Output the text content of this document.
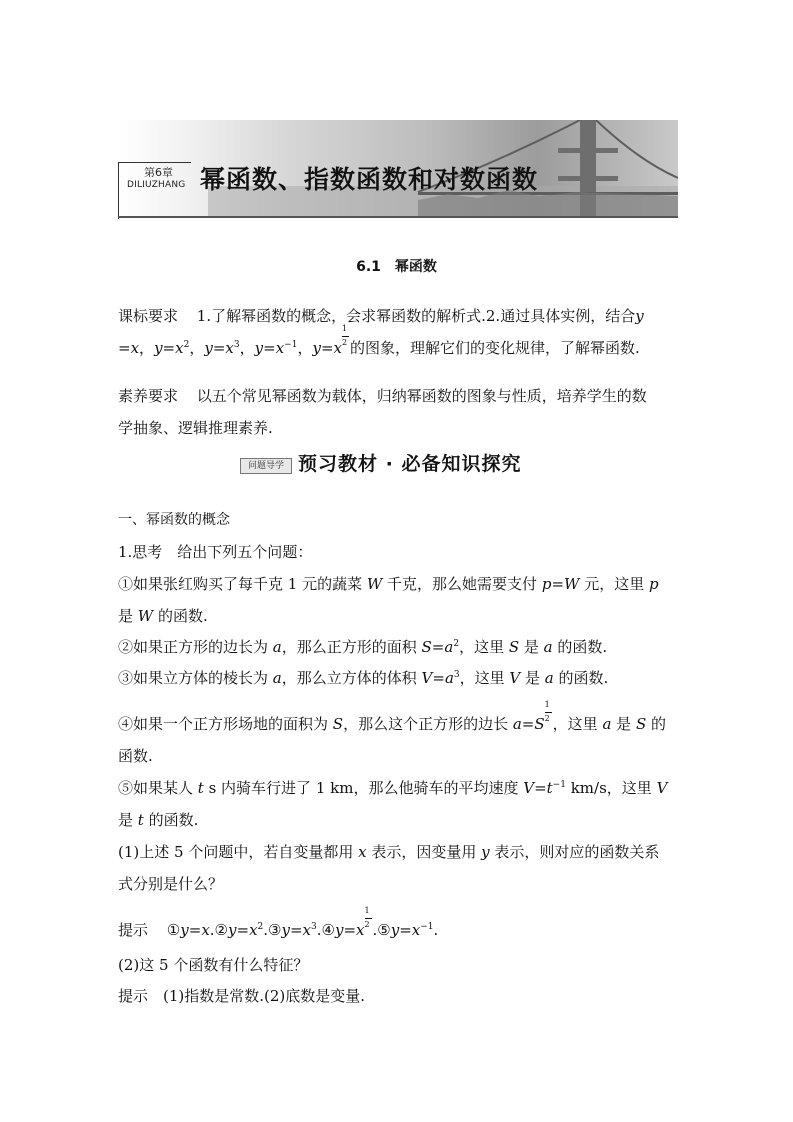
第6章
DILIUZHANG 幂函数、指数函数和对数函数
6.1　幂函数
课标要求 1.了解幂函数的概念，会求幂函数的解析式.2.通过具体实例，结合y
=x，$y=x^2$，$y=x^3$，$y=x^{-1}$，$y=x \frac{1}{2}$ 的图象，理解它们的变化规律，了解幂函数.
素养要求 以五个常见幂函数为载体，归纳幂函数的图象与性质，培养学生的数
学抽象、逻辑推理素养.
问题导学 预习教材 · 必备知识探究
一、幂函数的概念
1.思考　给出下列五个问题：
①如果张红购买了每千克 1 元的蔬菜 W 千克，那么她需要支付 p=W 元，这里 p
是 W 的函数.
②如果正方形的边长为 a，那么正方形的面积 $S=a^2$，这里 S 是 a 的函数.
③如果立方体的棱长为 a，那么立方体的体积 $V=a^3$，这里 V 是 a 的函数.
④如果一个正方形场地的面积为 S，那么这个正方形的边长 $a=S \frac{1}{2}$ ，这里 a 是 S 的
函数.
⑤如果某人 t s 内骑车行进了 1 km，那么他骑车的平均速度 $V=t^{-1}$ km/s，这里 V
是 t 的函数.
(1)上述 5 个问题中，若自变量都用 x 表示，因变量用 y 表示，则对应的函数关系
式分别是什么？
提示 $①y=x.②y=x^2.③y=x^3.④y=x \frac{1}{2}$ $.⑤y=x^{-1}$.
(2)这 5 个函数有什么特征？
提示　(1)指数是常数.(2)底数是变量.
